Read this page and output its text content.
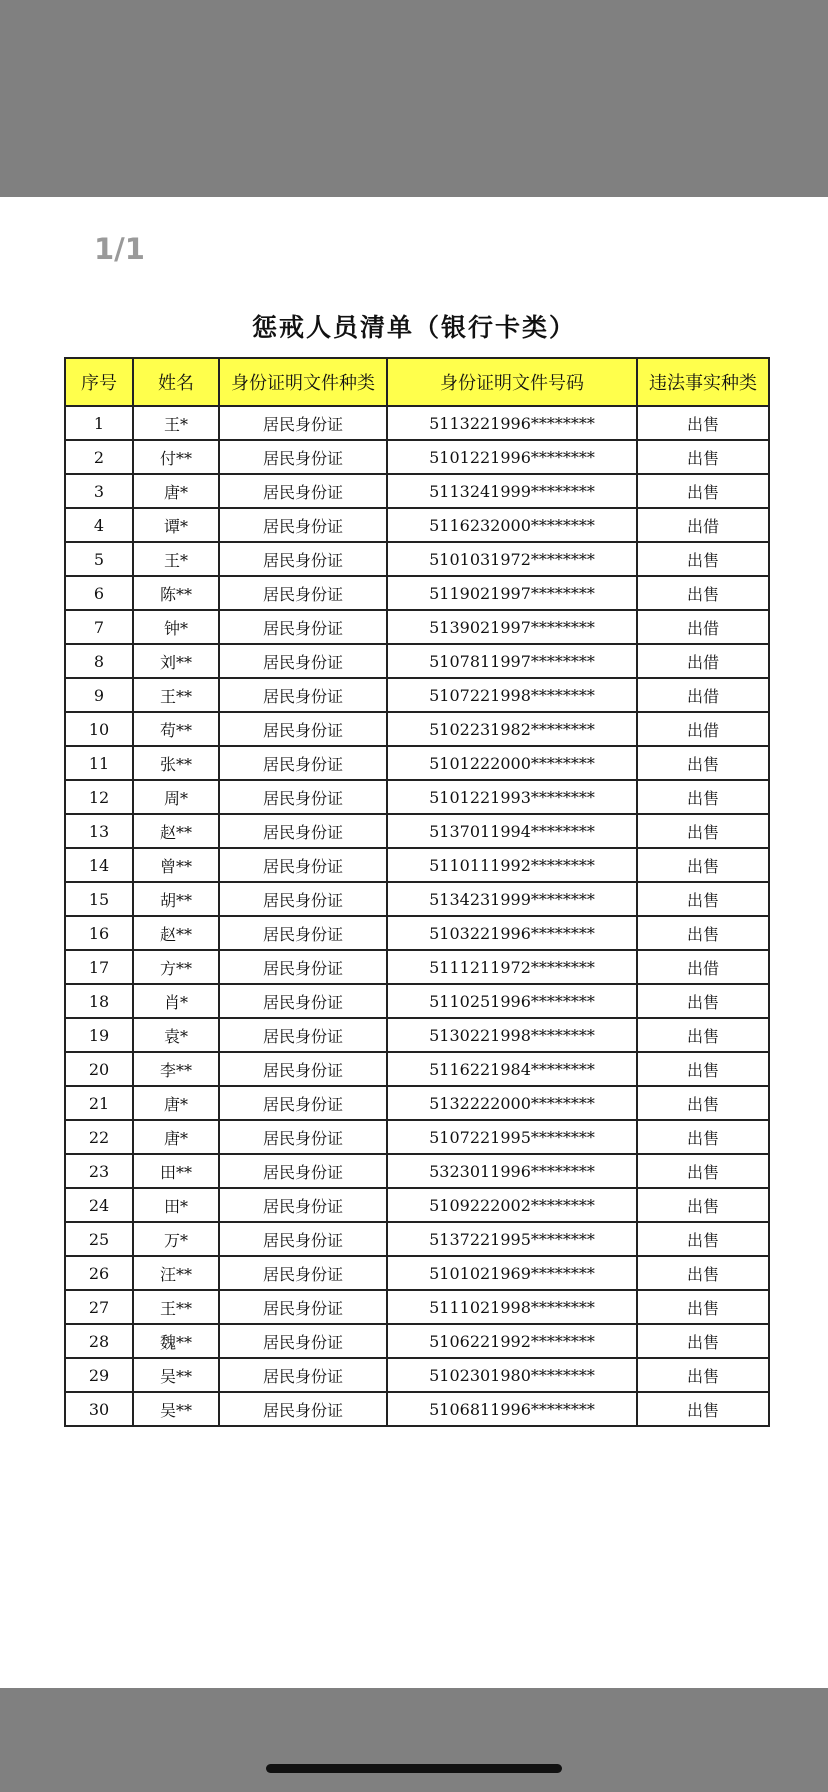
1/1
惩戒人员清单（银行卡类）
序号	姓名	身份证明文件种类	身份证明文件号码	违法事实种类
1	王*	居民身份证	5113221996********	出售
2	付**	居民身份证	5101221996********	出售
3	唐*	居民身份证	5113241999********	出售
4	谭*	居民身份证	5116232000********	出借
5	王*	居民身份证	5101031972********	出售
6	陈**	居民身份证	5119021997********	出售
7	钟*	居民身份证	5139021997********	出借
8	刘**	居民身份证	5107811997********	出借
9	王**	居民身份证	5107221998********	出借
10	苟**	居民身份证	5102231982********	出借
11	张**	居民身份证	5101222000********	出售
12	周*	居民身份证	5101221993********	出售
13	赵**	居民身份证	5137011994********	出售
14	曾**	居民身份证	5110111992********	出售
15	胡**	居民身份证	5134231999********	出售
16	赵**	居民身份证	5103221996********	出售
17	方**	居民身份证	5111211972********	出借
18	肖*	居民身份证	5110251996********	出售
19	袁*	居民身份证	5130221998********	出售
20	李**	居民身份证	5116221984********	出售
21	唐*	居民身份证	5132222000********	出售
22	唐*	居民身份证	5107221995********	出售
23	田**	居民身份证	5323011996********	出售
24	田*	居民身份证	5109222002********	出售
25	万*	居民身份证	5137221995********	出售
26	汪**	居民身份证	5101021969********	出售
27	王**	居民身份证	5111021998********	出售
28	魏**	居民身份证	5106221992********	出售
29	吴**	居民身份证	5102301980********	出售
30	吴**	居民身份证	5106811996********	出售
